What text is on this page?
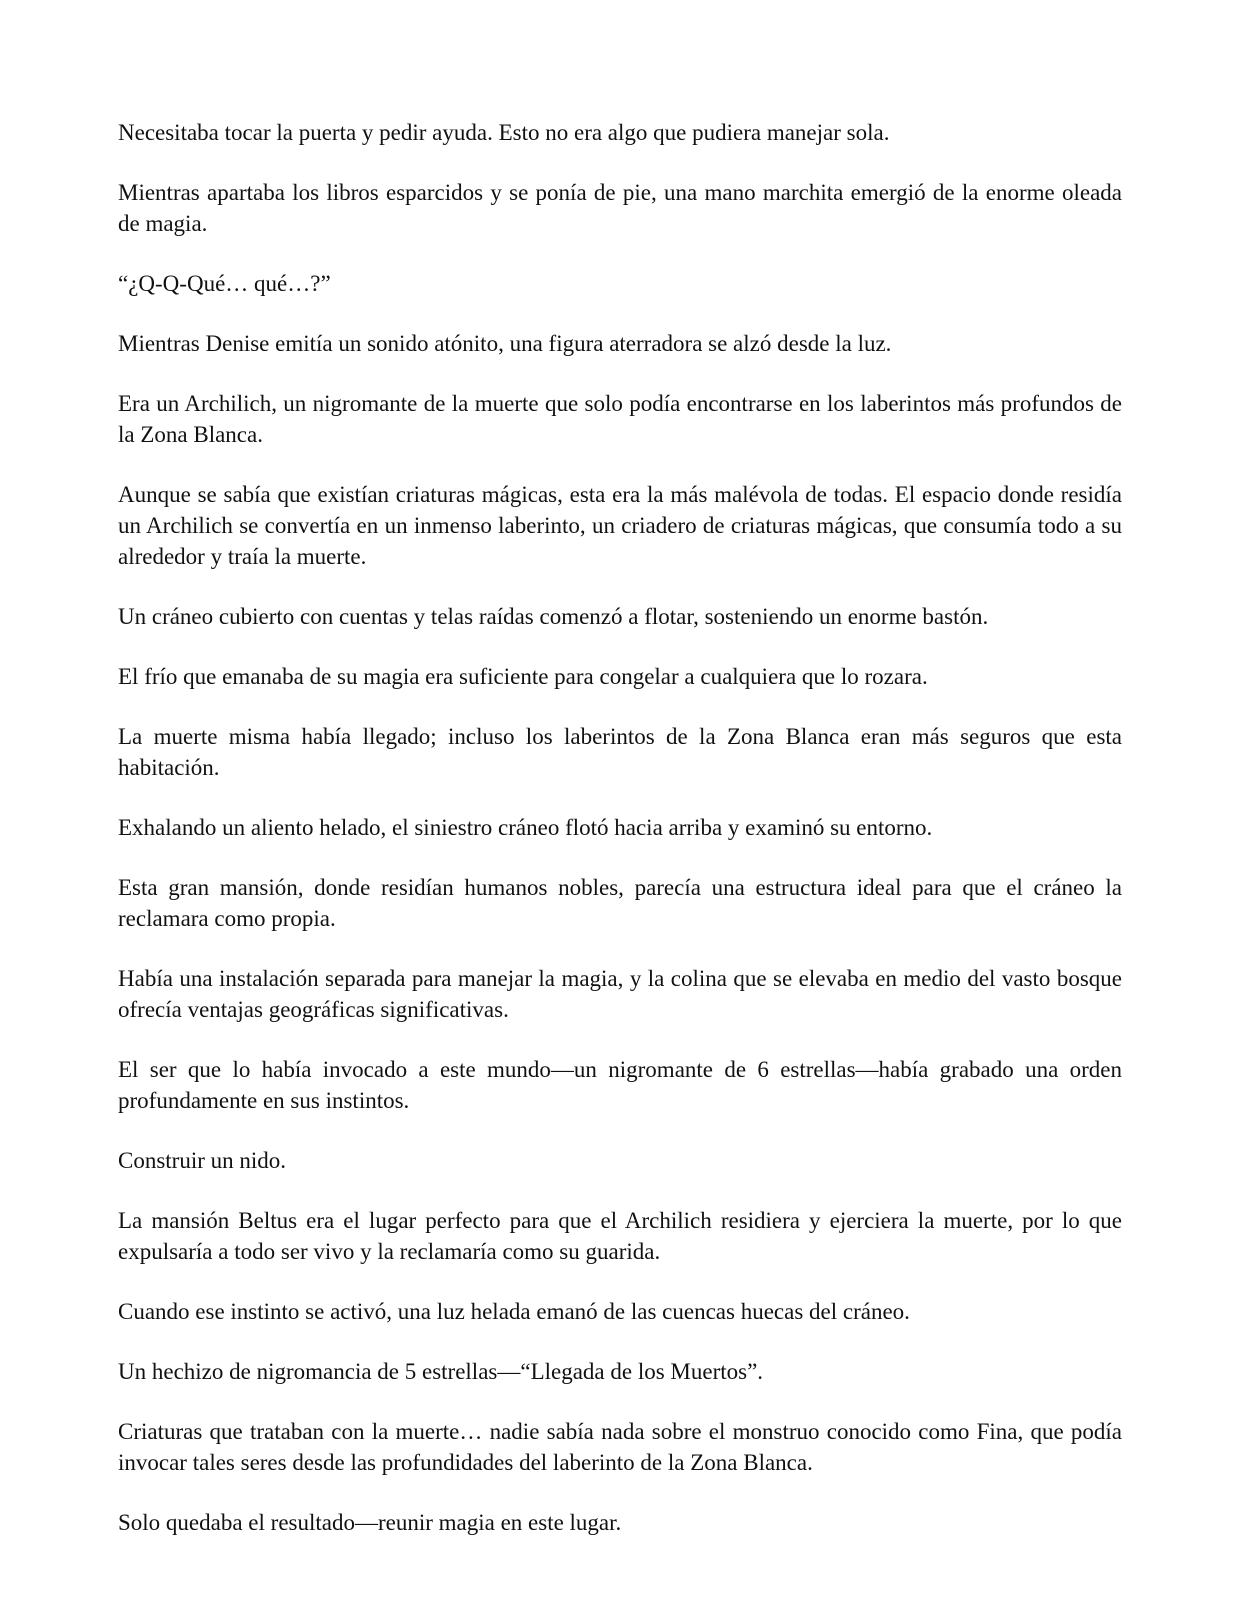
Necesitaba tocar la puerta y pedir ayuda. Esto no era algo que pudiera manejar sola.

Mientras apartaba los libros esparcidos y se ponía de pie, una mano marchita emergió de la enorme oleada de magia.

“¿Q-Q-Qué… qué…?”

Mientras Denise emitía un sonido atónito, una figura aterradora se alzó desde la luz.

Era un Archilich, un nigromante de la muerte que solo podía encontrarse en los laberintos más profundos de la Zona Blanca.

Aunque se sabía que existían criaturas mágicas, esta era la más malévola de todas. El espacio donde residía un Archilich se convertía en un inmenso laberinto, un criadero de criaturas mágicas, que consumía todo a su alrededor y traía la muerte.

Un cráneo cubierto con cuentas y telas raídas comenzó a flotar, sosteniendo un enorme bastón.

El frío que emanaba de su magia era suficiente para congelar a cualquiera que lo rozara.

La muerte misma había llegado; incluso los laberintos de la Zona Blanca eran más seguros que esta habitación.

Exhalando un aliento helado, el siniestro cráneo flotó hacia arriba y examinó su entorno.

Esta gran mansión, donde residían humanos nobles, parecía una estructura ideal para que el cráneo la reclamara como propia.

Había una instalación separada para manejar la magia, y la colina que se elevaba en medio del vasto bosque ofrecía ventajas geográficas significativas.

El ser que lo había invocado a este mundo—un nigromante de 6 estrellas—había grabado una orden profundamente en sus instintos.

Construir un nido.

La mansión Beltus era el lugar perfecto para que el Archilich residiera y ejerciera la muerte, por lo que expulsaría a todo ser vivo y la reclamaría como su guarida.

Cuando ese instinto se activó, una luz helada emanó de las cuencas huecas del cráneo.

Un hechizo de nigromancia de 5 estrellas—“Llegada de los Muertos”.

Criaturas que trataban con la muerte… nadie sabía nada sobre el monstruo conocido como Fina, que podía invocar tales seres desde las profundidades del laberinto de la Zona Blanca.

Solo quedaba el resultado—reunir magia en este lugar.
